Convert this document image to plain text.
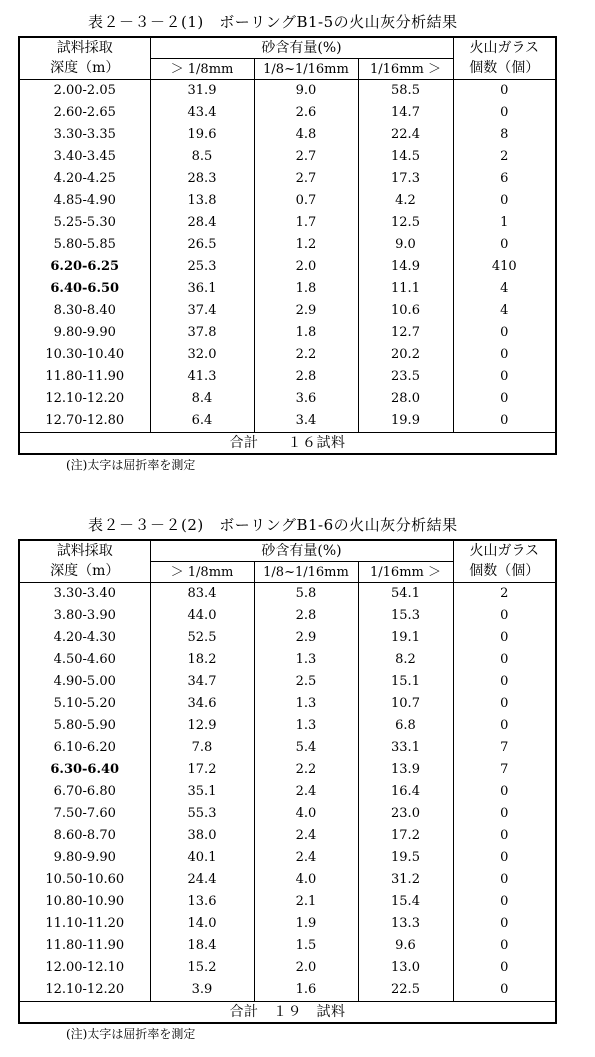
表２－３－２(1)　ボーリングB1-5の火山灰分析結果
試料採取	砂含有量(%)			火山ガラス
深度（m）	＞ 1/8mm	1/8~1/16mm	1/16mm ＞	個数（個）
2.00-2.05	31.9	9.0	58.5	0
2.60-2.65	43.4	2.6	14.7	0
3.30-3.35	19.6	4.8	22.4	8
3.40-3.45	8.5	2.7	14.5	2
4.20-4.25	28.3	2.7	17.3	6
4.85-4.90	13.8	0.7	4.2	0
5.25-5.30	28.4	1.7	12.5	1
5.80-5.85	26.5	1.2	9.0	0
6.20-6.25	25.3	2.0	14.9	410
6.40-6.50	36.1	1.8	11.1	4
8.30-8.40	37.4	2.9	10.6	4
9.80-9.90	37.8	1.8	12.7	0
10.30-10.40	32.0	2.2	20.2	0
11.80-11.90	41.3	2.8	23.5	0
12.10-12.20	8.4	3.6	28.0	0
12.70-12.80	6.4	3.4	19.9	0
合計　　１６試料				
(注)太字は屈折率を測定
表２－３－２(2)　ボーリングB1-6の火山灰分析結果
試料採取	砂含有量(%)			火山ガラス
深度（m）	＞ 1/8mm	1/8~1/16mm	1/16mm ＞	個数（個）
3.30-3.40	83.4	5.8	54.1	2
3.80-3.90	44.0	2.8	15.3	0
4.20-4.30	52.5	2.9	19.1	0
4.50-4.60	18.2	1.3	8.2	0
4.90-5.00	34.7	2.5	15.1	0
5.10-5.20	34.6	1.3	10.7	0
5.80-5.90	12.9	1.3	6.8	0
6.10-6.20	7.8	5.4	33.1	7
6.30-6.40	17.2	2.2	13.9	7
6.70-6.80	35.1	2.4	16.4	0
7.50-7.60	55.3	4.0	23.0	0
8.60-8.70	38.0	2.4	17.2	0
9.80-9.90	40.1	2.4	19.5	0
10.50-10.60	24.4	4.0	31.2	0
10.80-10.90	13.6	2.1	15.4	0
11.10-11.20	14.0	1.9	13.3	0
11.80-11.90	18.4	1.5	9.6	0
12.00-12.10	15.2	2.0	13.0	0
12.10-12.20	3.9	1.6	22.5	0
合計　１９　試料				
(注)太字は屈折率を測定
